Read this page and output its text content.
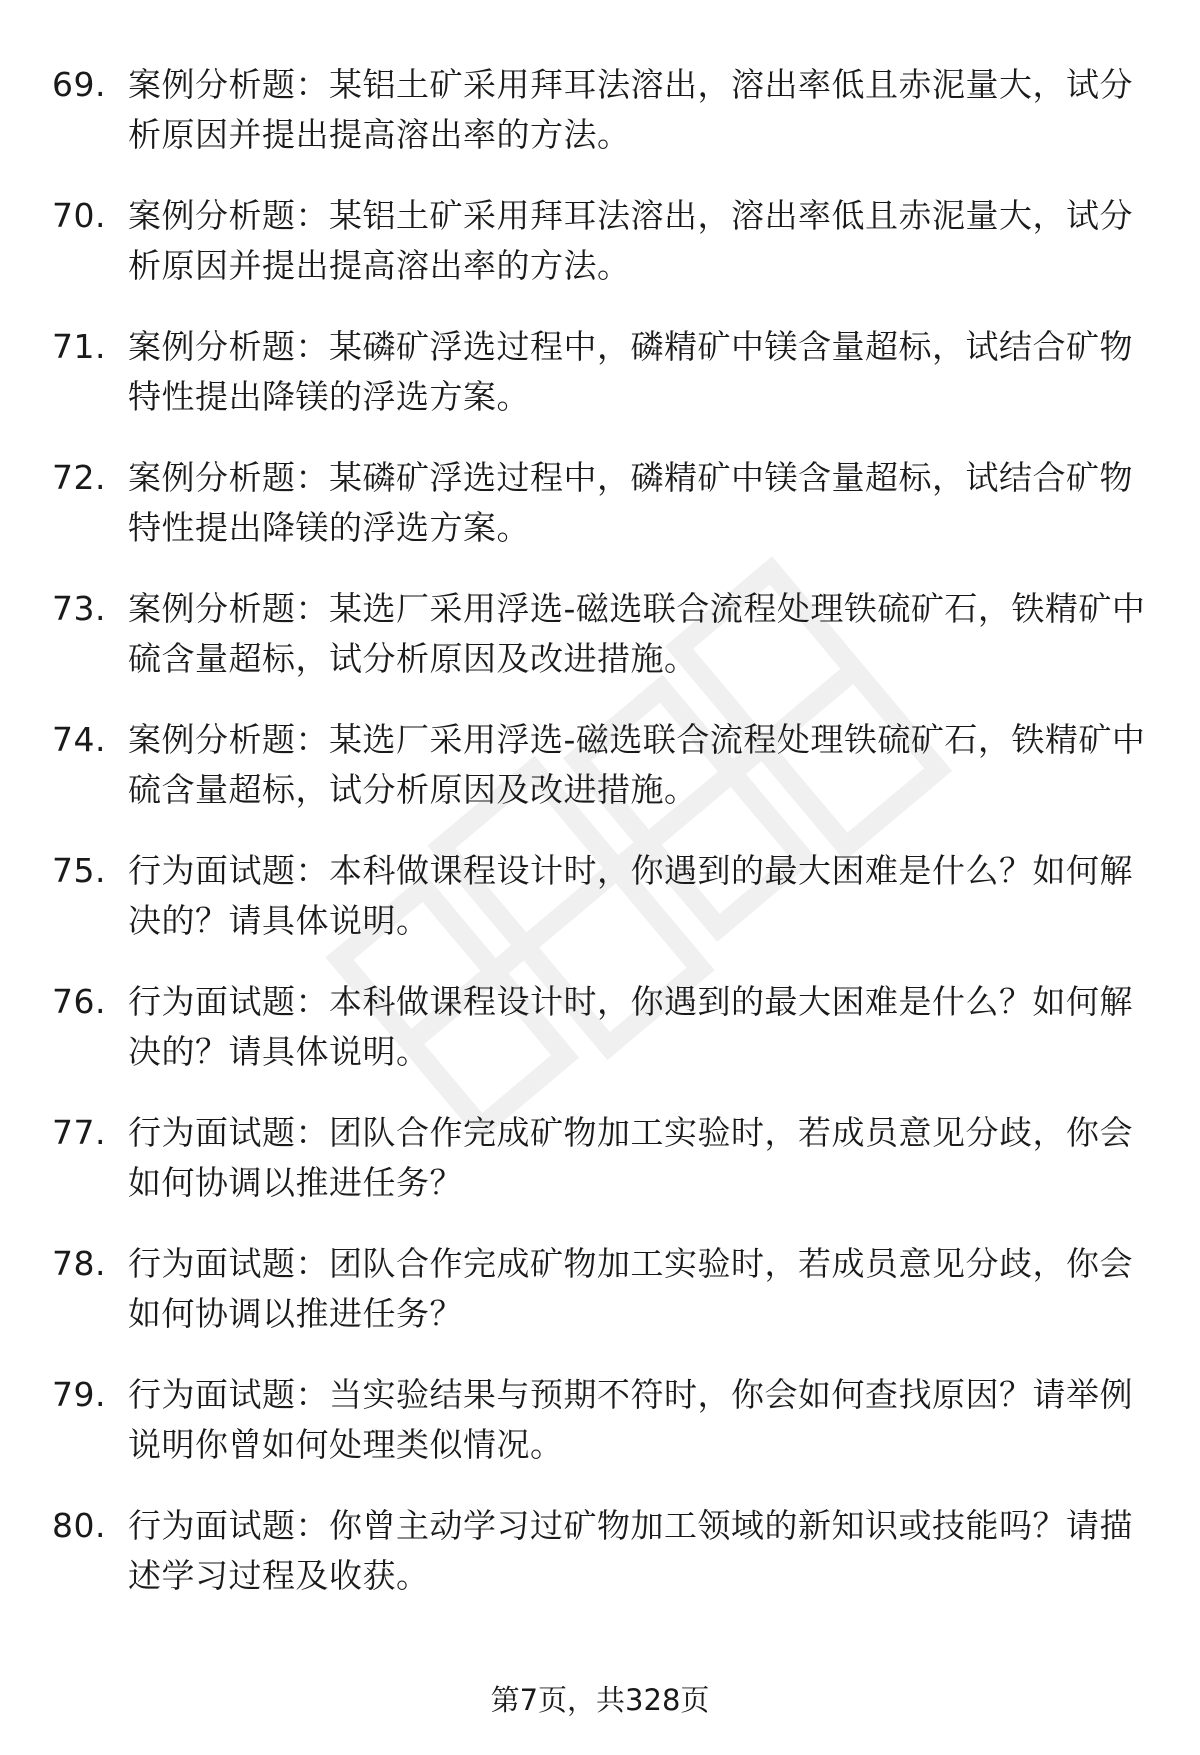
69. 案例分析题：某铝土矿采用拜耳法溶出，溶出率低且赤泥量大，试分析原因并提出提高溶出率的方法。
70. 案例分析题：某铝土矿采用拜耳法溶出，溶出率低且赤泥量大，试分析原因并提出提高溶出率的方法。
71. 案例分析题：某磷矿浮选过程中，磷精矿中镁含量超标，试结合矿物特性提出降镁的浮选方案。
72. 案例分析题：某磷矿浮选过程中，磷精矿中镁含量超标，试结合矿物特性提出降镁的浮选方案。
73. 案例分析题：某选厂采用浮选-磁选联合流程处理铁硫矿石，铁精矿中硫含量超标，试分析原因及改进措施。
74. 案例分析题：某选厂采用浮选-磁选联合流程处理铁硫矿石，铁精矿中硫含量超标，试分析原因及改进措施。
75. 行为面试题：本科做课程设计时，你遇到的最大困难是什么？如何解决的？请具体说明。
76. 行为面试题：本科做课程设计时，你遇到的最大困难是什么？如何解决的？请具体说明。
77. 行为面试题：团队合作完成矿物加工实验时，若成员意见分歧，你会如何协调以推进任务？
78. 行为面试题：团队合作完成矿物加工实验时，若成员意见分歧，你会如何协调以推进任务？
79. 行为面试题：当实验结果与预期不符时，你会如何查找原因？请举例说明你曾如何处理类似情况。
80. 行为面试题：你曾主动学习过矿物加工领域的新知识或技能吗？请描述学习过程及收获。
第7页，共328页
